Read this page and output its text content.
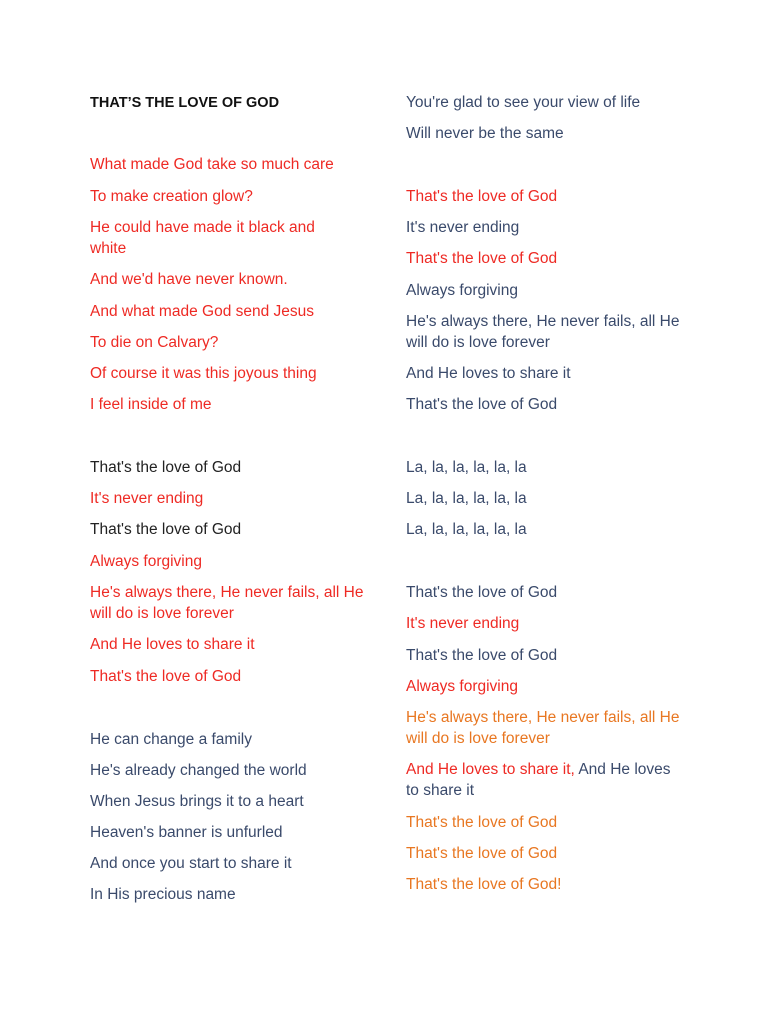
THAT’S THE LOVE OF GOD
What made God take so much care
To make creation glow?
He could have made it black and white
And we'd have never known.
And what made God send Jesus
To die on Calvary?
Of course it was this joyous thing
I feel inside of me
That's the love of God
It's never ending
That's the love of God
Always forgiving
He's always there, He never fails, all He will do is love forever
And He loves to share it
That's the love of God
He can change a family
He's already changed the world
When Jesus brings it to a heart
Heaven's banner is unfurled
And once you start to share it
In His precious name
You're glad to see your view of life
Will never be the same
That's the love of God
It's never ending
That's the love of God
Always forgiving
He's always there, He never fails, all He will do is love forever
And He loves to share it
That's the love of God
La, la, la, la, la, la
La, la, la, la, la, la
La, la, la, la, la, la
That's the love of God
It's never ending
That's the love of God
Always forgiving
He's always there, He never fails, all He will do is love forever
And He loves to share it, And He loves to share it
That's the love of God
That's the love of God
That's the love of God!
